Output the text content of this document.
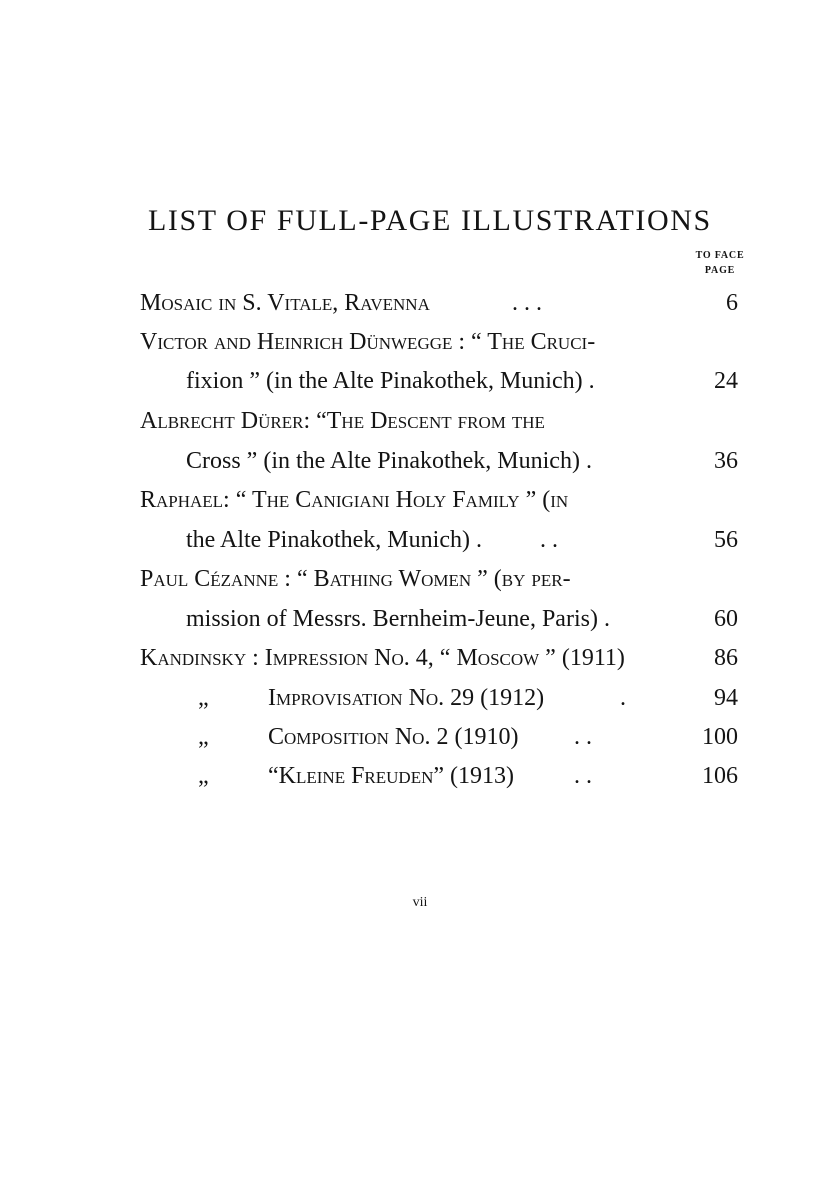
LIST OF FULL-PAGE ILLUSTRATIONS
TO FACE
PAGE
Mosaic in S. Vitale, Ravenna	. . .	6
Victor and Heinrich Dünwegge : “ The Cruci-
fixion ” (in the Alte Pinakothek, Munich) .	24
Albrecht Dürer: “The Descent from the
Cross ” (in the Alte Pinakothek, Munich) .	36
Raphael: “ The Canigiani Holy Family ” (in
the Alte Pinakothek, Munich) . . .	56
Paul Cézanne : “ Bathing Women ” (by per-
mission of Messrs. Bernheim-Jeune, Paris) .	60
Kandinsky : Impression No. 4, “ Moscow ” (1911)	86
„ Improvisation No. 29 (1912)	.	94
„ Composition No. 2 (1910) . .	100
„ “Kleine Freuden” (1913)	. .	106
vii
